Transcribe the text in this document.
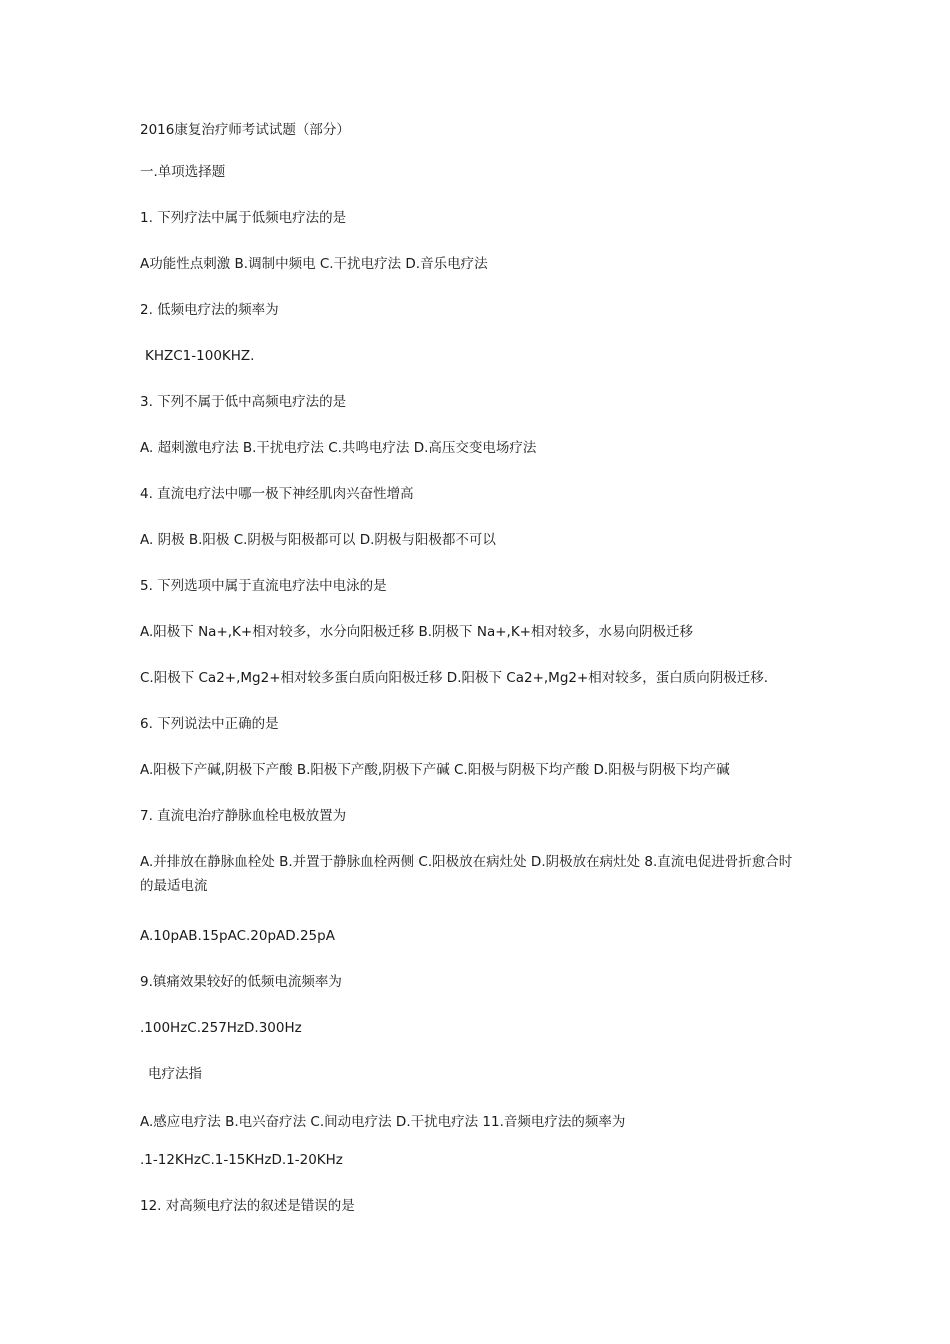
2016康复治疗师考试试题（部分）
一.单项选择题
1. 下列疗法中属于低频电疗法的是
A功能性点刺激 B.调制中频电 C.干扰电疗法 D.音乐电疗法
2. 低频电疗法的频率为
KHZC1-100KHZ.
3. 下列不属于低中高频电疗法的是
A. 超刺激电疗法 B.干扰电疗法 C.共鸣电疗法 D.高压交变电场疗法
4. 直流电疗法中哪一极下神经肌肉兴奋性增高
A. 阴极 B.阳极 C.阴极与阳极都可以 D.阴极与阳极都不可以
5. 下列选项中属于直流电疗法中电泳的是
A.阳极下 Na+,K+相对较多，水分向阳极迁移 B.阴极下 Na+,K+相对较多，水易向阴极迁移
C.阳极下 Ca2+,Mg2+相对较多蛋白质向阳极迁移 D.阳极下 Ca2+,Mg2+相对较多，蛋白质向阴极迁移.
6. 下列说法中正确的是
A.阳极下产碱,阴极下产酸 B.阳极下产酸,阴极下产碱 C.阳极与阴极下均产酸 D.阳极与阴极下均产碱
7. 直流电治疗静脉血栓电极放置为
A.并排放在静脉血栓处 B.并置于静脉血栓两侧 C.阳极放在病灶处 D.阴极放在病灶处 8.直流电促进骨折愈合时的最适电流
A.10pAB.15pAC.20pAD.25pA
9.镇痛效果较好的低频电流频率为
.100HzC.257HzD.300Hz
电疗法指
A.感应电疗法 B.电兴奋疗法 C.间动电疗法 D.干扰电疗法 11.音频电疗法的频率为
.1-12KHzC.1-15KHzD.1-20KHz
12. 对高频电疗法的叙述是错误的是
